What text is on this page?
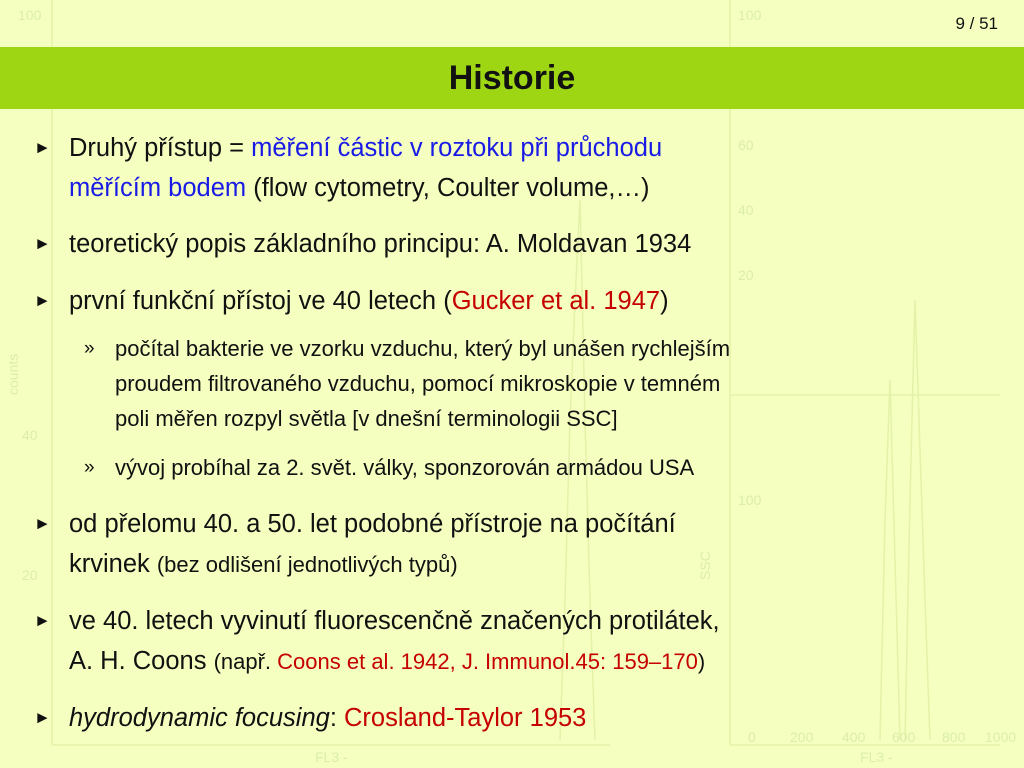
100	100
counts
40
20
60
40
20
100
SSC
FL3 -	FL3 -
0 200 400 600 800 1000
9 / 51
Historie
► Druhý přístup = měření částic v roztoku při průchodu
měřícím bodem (flow cytometry, Coulter volume,…)
► teoretický popis základního principu: A. Moldavan 1934
► první funkční přístoj ve 40 letech (Gucker et al. 1947)
» počítal bakterie ve vzorku vzduchu, který byl unášen rychlejším
proudem filtrovaného vzduchu, pomocí mikroskopie v temném
poli měřen rozpyl světla [v dnešní terminologii SSC]
» vývoj probíhal za 2. svět. války, sponzorován armádou USA
► od přelomu 40. a 50. let podobné přístroje na počítání
krvinek (bez odlišení jednotlivých typů)
► ve 40. letech vyvinutí fluorescenčně značených protilátek,
A. H. Coons (např. Coons et al. 1942, J. Immunol.45: 159–170)
► hydrodynamic focusing: Crosland-Taylor 1953
